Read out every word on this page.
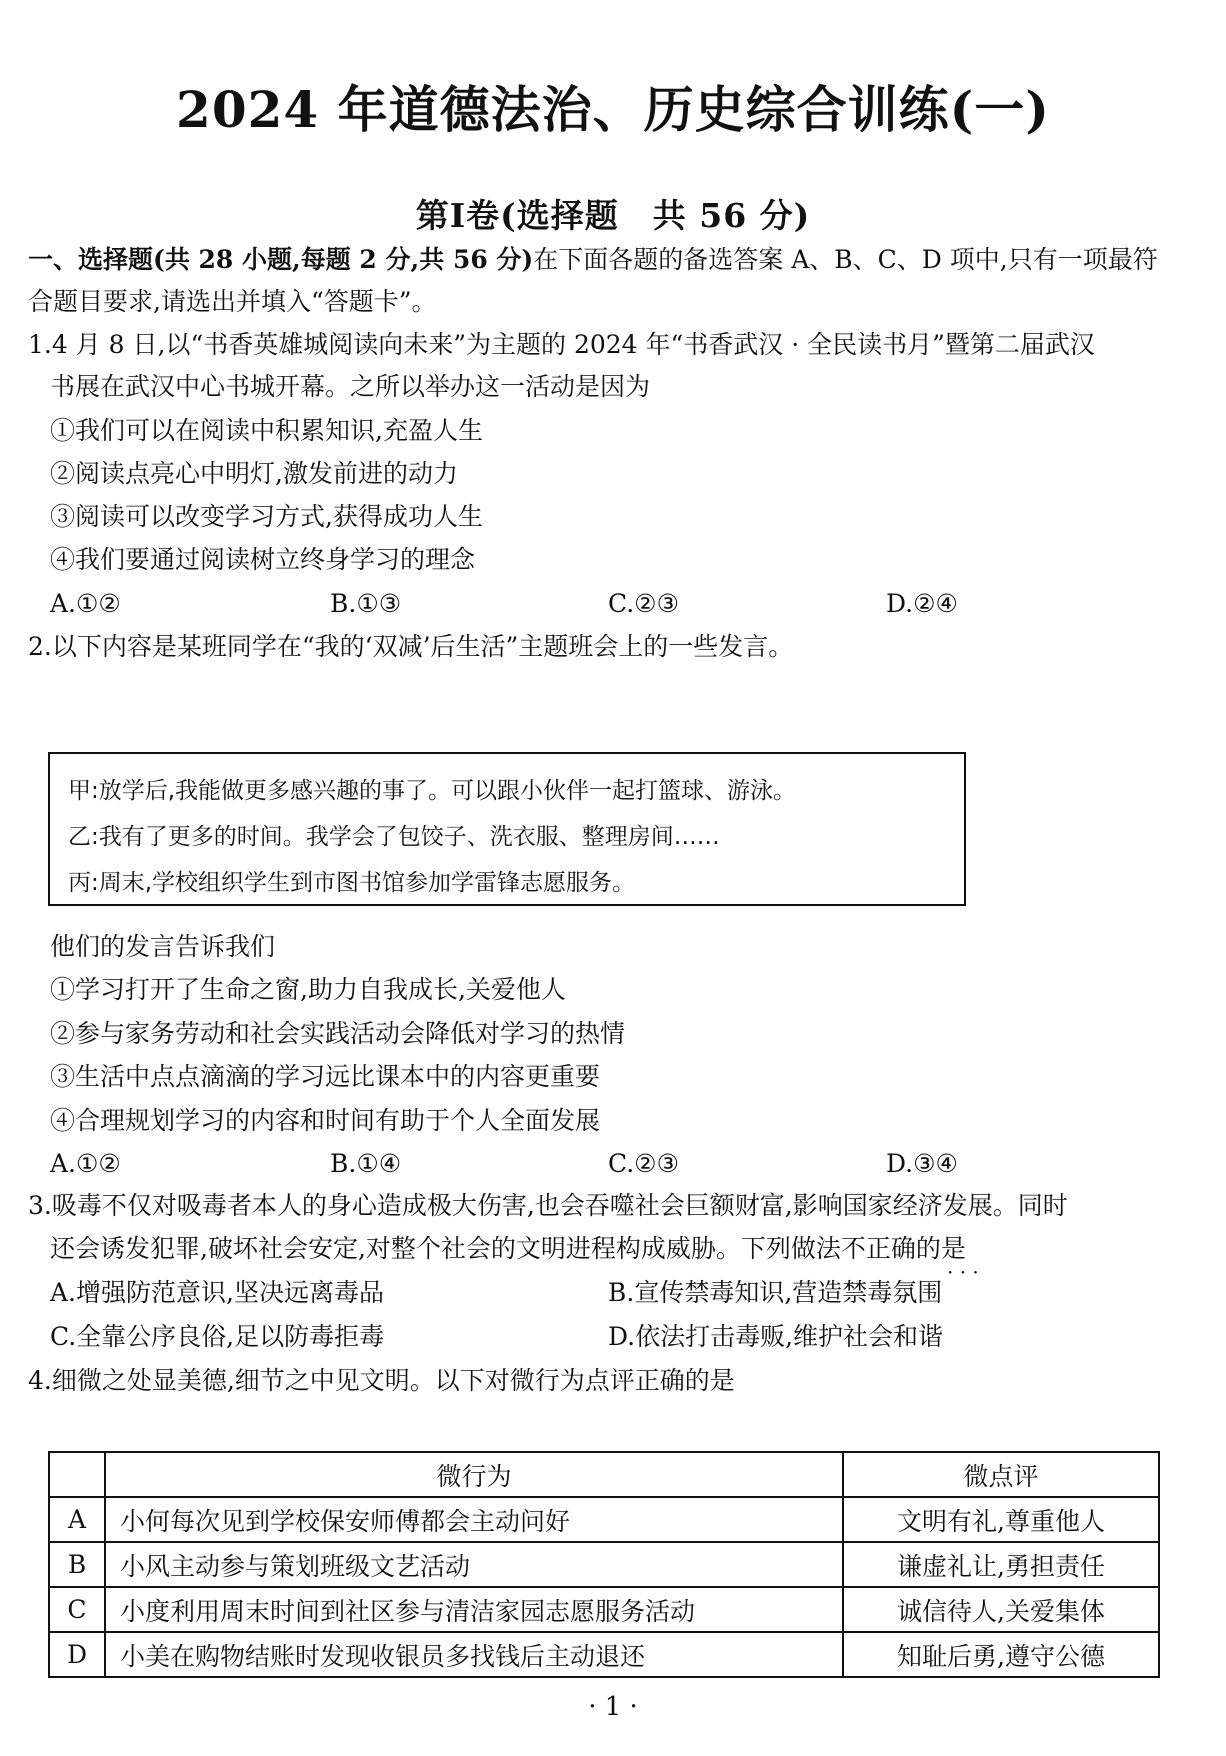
2024 年道德法治、历史综合训练(一)
第Ⅰ卷(选择题　共 56 分)
一、选择题(共 28 小题,每题 2 分,共 56 分)在下面各题的备选答案 A、B、C、D 项中,只有一项最符
合题目要求,请选出并填入“答题卡”。
1.4 月 8 日,以“书香英雄城阅读向未来”为主题的 2024 年“书香武汉 · 全民读书月”暨第二届武汉
书展在武汉中心书城开幕。之所以举办这一活动是因为
①我们可以在阅读中积累知识,充盈人生
②阅读点亮心中明灯,激发前进的动力
③阅读可以改变学习方式,获得成功人生
④我们要通过阅读树立终身学习的理念
A.①②	B.①③	C.②③	D.②④
2.以下内容是某班同学在“我的‘双减’后生活”主题班会上的一些发言。
甲:放学后,我能做更多感兴趣的事了。可以跟小伙伴一起打篮球、游泳。
乙:我有了更多的时间。我学会了包饺子、洗衣服、整理房间……
丙:周末,学校组织学生到市图书馆参加学雷锋志愿服务。
他们的发言告诉我们
①学习打开了生命之窗,助力自我成长,关爱他人
②参与家务劳动和社会实践活动会降低对学习的热情
③生活中点点滴滴的学习远比课本中的内容更重要
④合理规划学习的内容和时间有助于个人全面发展
A.①②	B.①④	C.②③	D.③④
3.吸毒不仅对吸毒者本人的身心造成极大伤害,也会吞噬社会巨额财富,影响国家经济发展。同时
还会诱发犯罪,破坏社会安定,对整个社会的文明进程构成威胁。下列做法不正确的是
· · ·
A.增强防范意识,坚决远离毒品	B.宣传禁毒知识,营造禁毒氛围
C.全靠公序良俗,足以防毒拒毒	D.依法打击毒贩,维护社会和谐
4.细微之处显美德,细节之中见文明。以下对微行为点评正确的是
	微行为	微点评
A	小何每次见到学校保安师傅都会主动问好	文明有礼,尊重他人
B	小风主动参与策划班级文艺活动	谦虚礼让,勇担责任
C	小度利用周末时间到社区参与清洁家园志愿服务活动	诚信待人,关爱集体
D	小美在购物结账时发现收银员多找钱后主动退还	知耻后勇,遵守公德
· 1 ·
